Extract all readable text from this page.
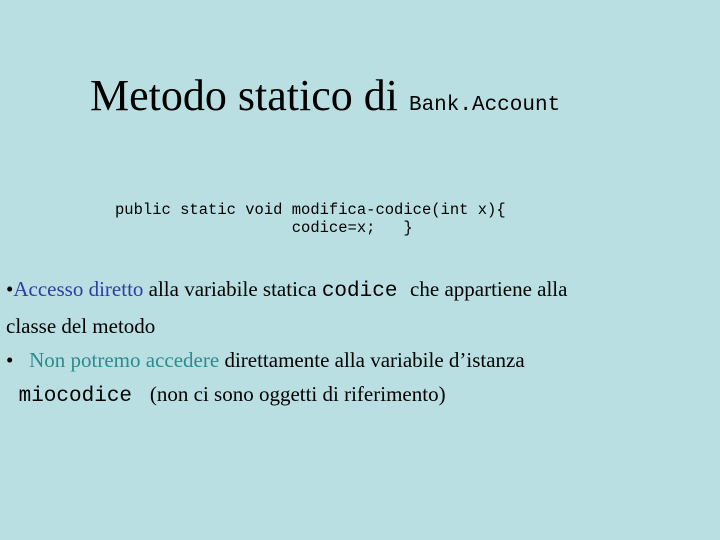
Metodo statico di Bank.Account
public static void modifica-codice(int x){
codice=x;   }

•Accesso diretto alla variabile statica codice che appartiene alla
classe del metodo

•   Non potremo accedere direttamente alla variabile d’istanza
miocodice  (non ci sono oggetti di riferimento)
